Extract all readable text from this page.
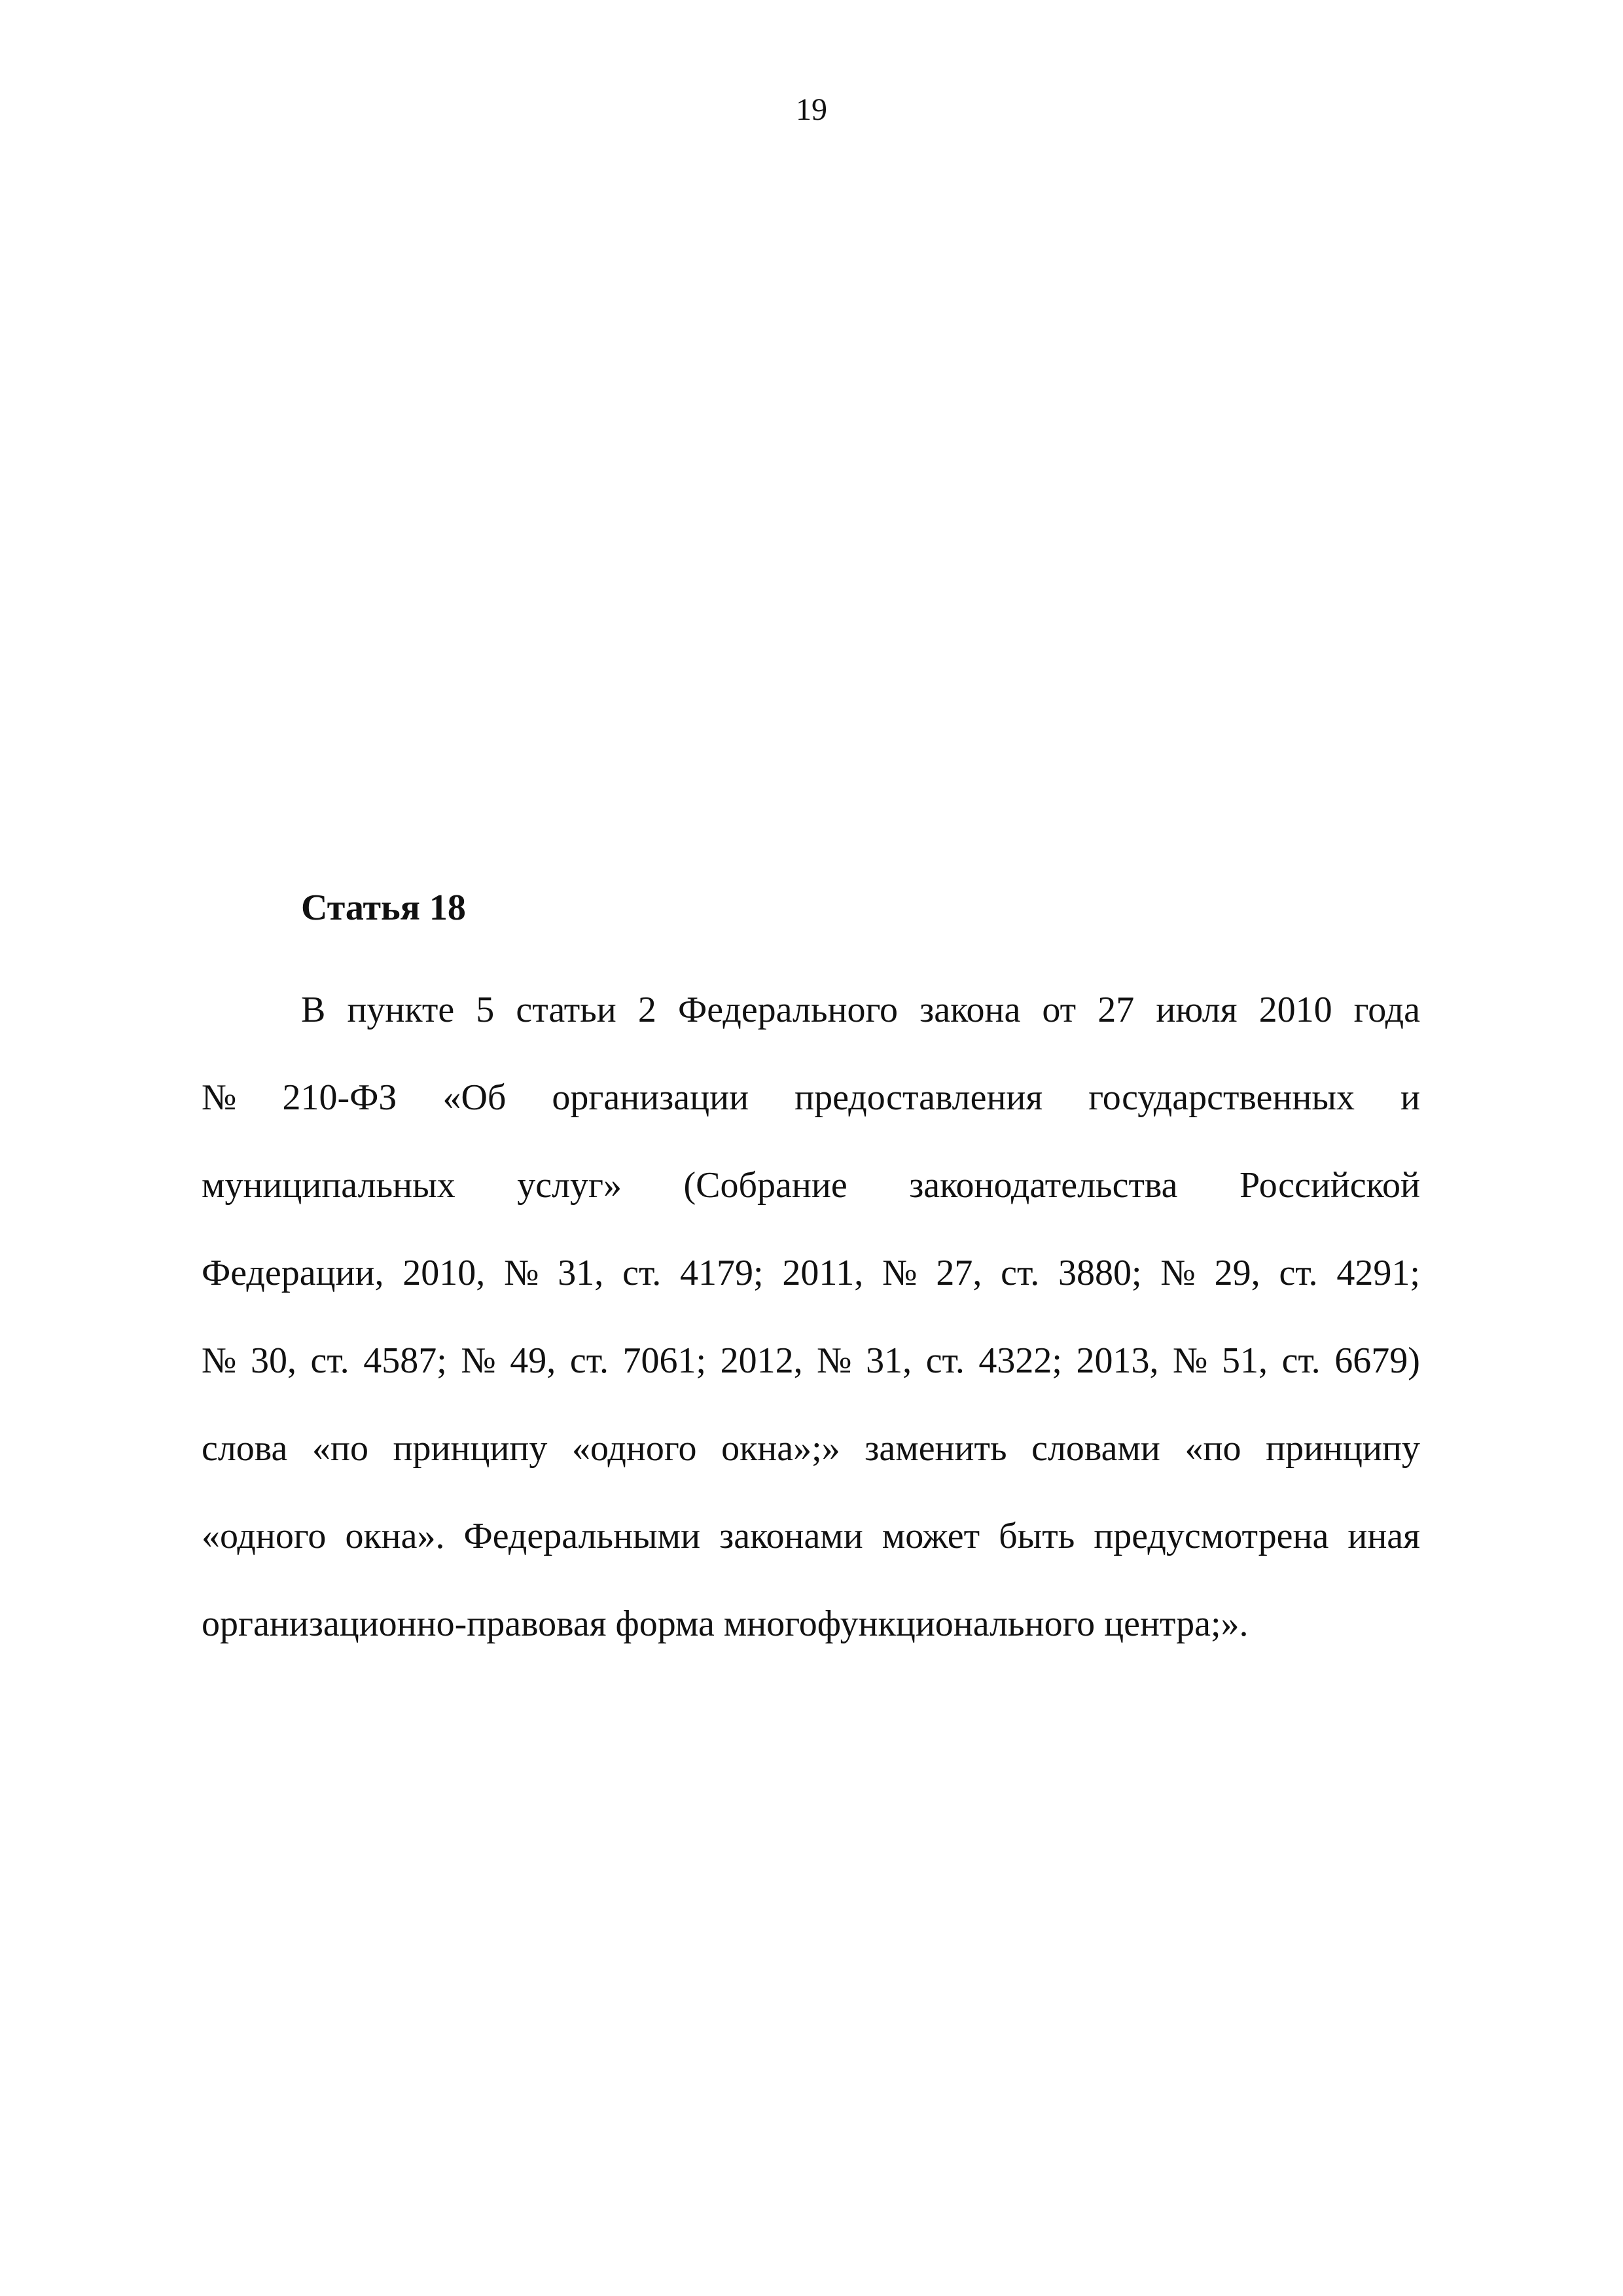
19
Статья 18
В пункте 5 статьи 2 Федерального закона от 27 июля 2010 года
№ 210-ФЗ «Об организации предоставления государственных и
муниципальных услуг» (Собрание законодательства Российской
Федерации, 2010, № 31, ст. 4179; 2011, № 27, ст. 3880; № 29, ст. 4291;
№ 30, ст. 4587; № 49, ст. 7061; 2012, № 31, ст. 4322; 2013, № 51, ст. 6679)
слова «по принципу «одного окна»;» заменить словами «по принципу
«одного окна». Федеральными законами может быть предусмотрена иная
организационно-правовая форма многофункционального центра;».
